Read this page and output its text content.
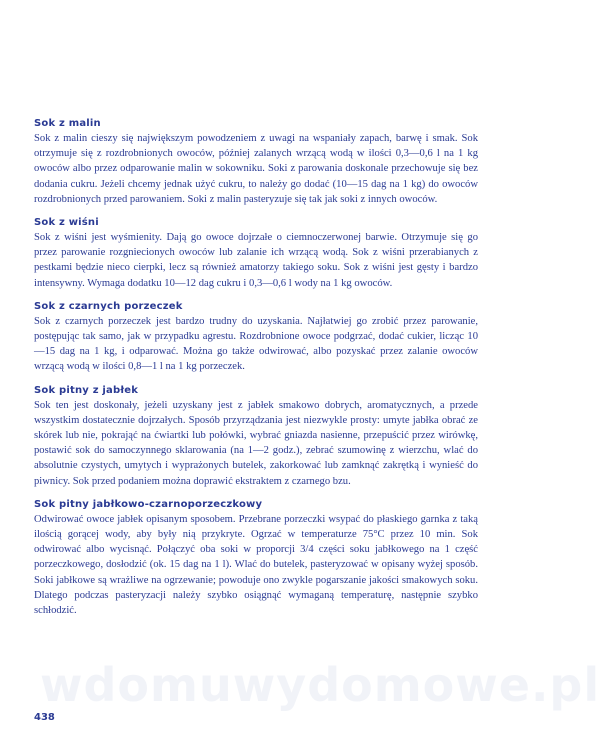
wdomuwydomowe.pl

Sok z malin

Sok z malin cieszy się największym powodzeniem z uwagi na wspaniały zapach, barwę i smak. Sok otrzymuje się z rozdrobnionych owoców, później zalanych wrzącą wodą w ilości 0,3—0,6 l na 1 kg owoców albo przez odparowanie malin w sokowniku. Soki z parowania doskonale przechowuje się bez dodania cukru. Jeżeli chcemy jednak użyć cukru, to należy go dodać (10—15 dag na 1 kg) do owoców rozdrobnionych przed parowaniem. Soki z malin pasteryzuje się tak jak soki z innych owoców.

Sok z wiśni

Sok z wiśni jest wyśmienity. Dają go owoce dojrzałe o ciemnoczerwonej barwie. Otrzymuje się go przez parowanie rozgniecionych owoców lub zalanie ich wrzącą wodą. Sok z wiśni przerabianych z pestkami będzie nieco cierpki, lecz są również amatorzy takiego soku. Sok z wiśni jest gęsty i bardzo intensywny. Wymaga dodatku 10—12 dag cukru i 0,3—0,6 l wody na 1 kg owoców.

Sok z czarnych porzeczek

Sok z czarnych porzeczek jest bardzo trudny do uzyskania. Najłatwiej go zrobić przez parowanie, postępując tak samo, jak w przypadku agrestu. Rozdrobnione owoce podgrzać, dodać cukier, licząc 10—15 dag na 1 kg, i odparować. Można go także odwirować, albo pozyskać przez zalanie owoców wrzącą wodą w ilości 0,8—1 l na 1 kg porzeczek.

Sok pitny z jabłek

Sok ten jest doskonały, jeżeli uzyskany jest z jabłek smakowo dobrych, aromatycznych, a przede wszystkim dostatecznie dojrzałych. Sposób przyrządzania jest niezwykle prosty: umyte jabłka obrać ze skórek lub nie, pokrająć na ćwiartki lub połówki, wybrać gniazda nasienne, przepuścić przez wirówkę, postawić sok do samoczynnego sklarowania (na 1—2 godz.), zebrać szumowinę z wierzchu, wlać do absolutnie czystych, umytych i wyprażonych butelek, zakorkować lub zamknąć zakrętką i wynieść do piwnicy. Sok przed podaniem można doprawić ekstraktem z czarnego bzu.

Sok pitny jabłkowo-czarnoporzeczkowy

Odwirować owoce jabłek opisanym sposobem. Przebrane porzeczki wsypać do płaskiego garnka z taką ilością gorącej wody, aby były nią przykryte. Ogrzać w temperaturze 75°C przez 10 min. Sok odwirować albo wycisnąć. Połączyć oba soki w proporcji 3/4 części soku jabłkowego na 1 część porzeczkowego, dosłodzić (ok. 15 dag na 1 l). Wlać do butelek, pasteryzować w opisany wyżej sposób. Soki jabłkowe są wrażliwe na ogrzewanie; powoduje ono zwykle pogarszanie jakości smakowych soku. Dlatego podczas pasteryzacji należy szybko osiągnąć wymaganą temperaturę, następnie szybko schłodzić.

438
